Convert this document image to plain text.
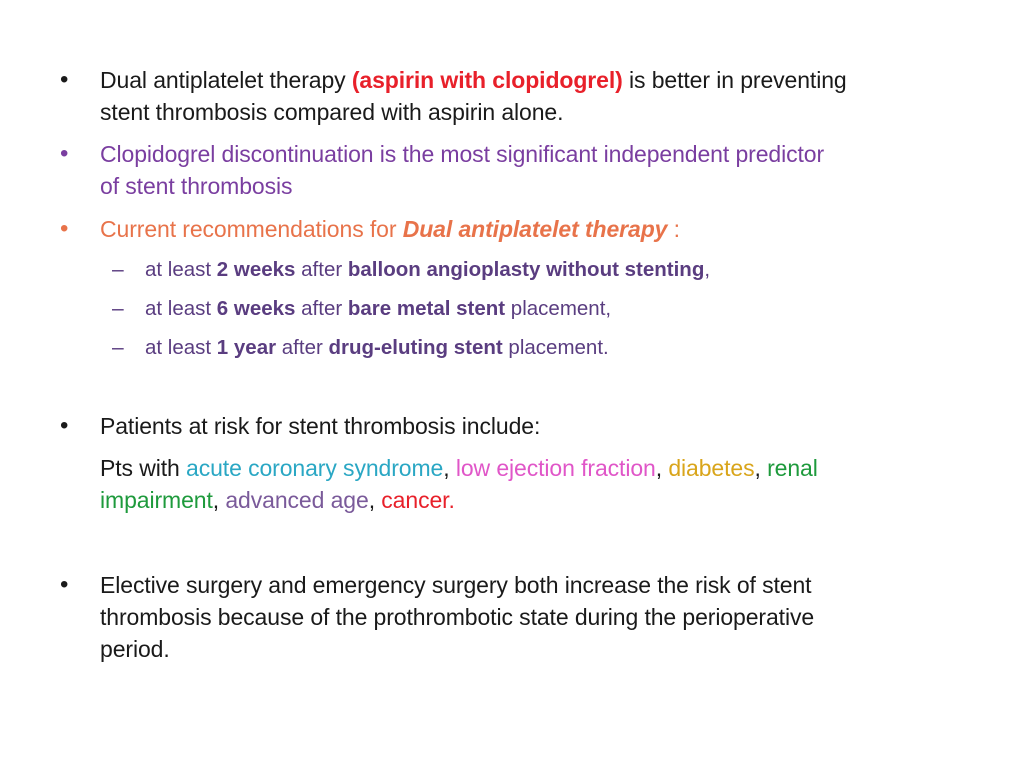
• Dual antiplatelet therapy (aspirin with clopidogrel) is better in preventing
stent thrombosis compared with aspirin alone.
• Clopidogrel discontinuation is the most significant independent predictor
of stent thrombosis
• Current recommendations for Dual antiplatelet therapy :
– at least 2 weeks after balloon angioplasty without stenting,
– at least 6 weeks after bare metal stent placement,
– at least 1 year after drug-eluting stent placement.
• Patients at risk for stent thrombosis include:
Pts with acute coronary syndrome, low ejection fraction, diabetes, renal
impairment, advanced age, cancer.
• Elective surgery and emergency surgery both increase the risk of stent
thrombosis because of the prothrombotic state during the perioperative
period.
